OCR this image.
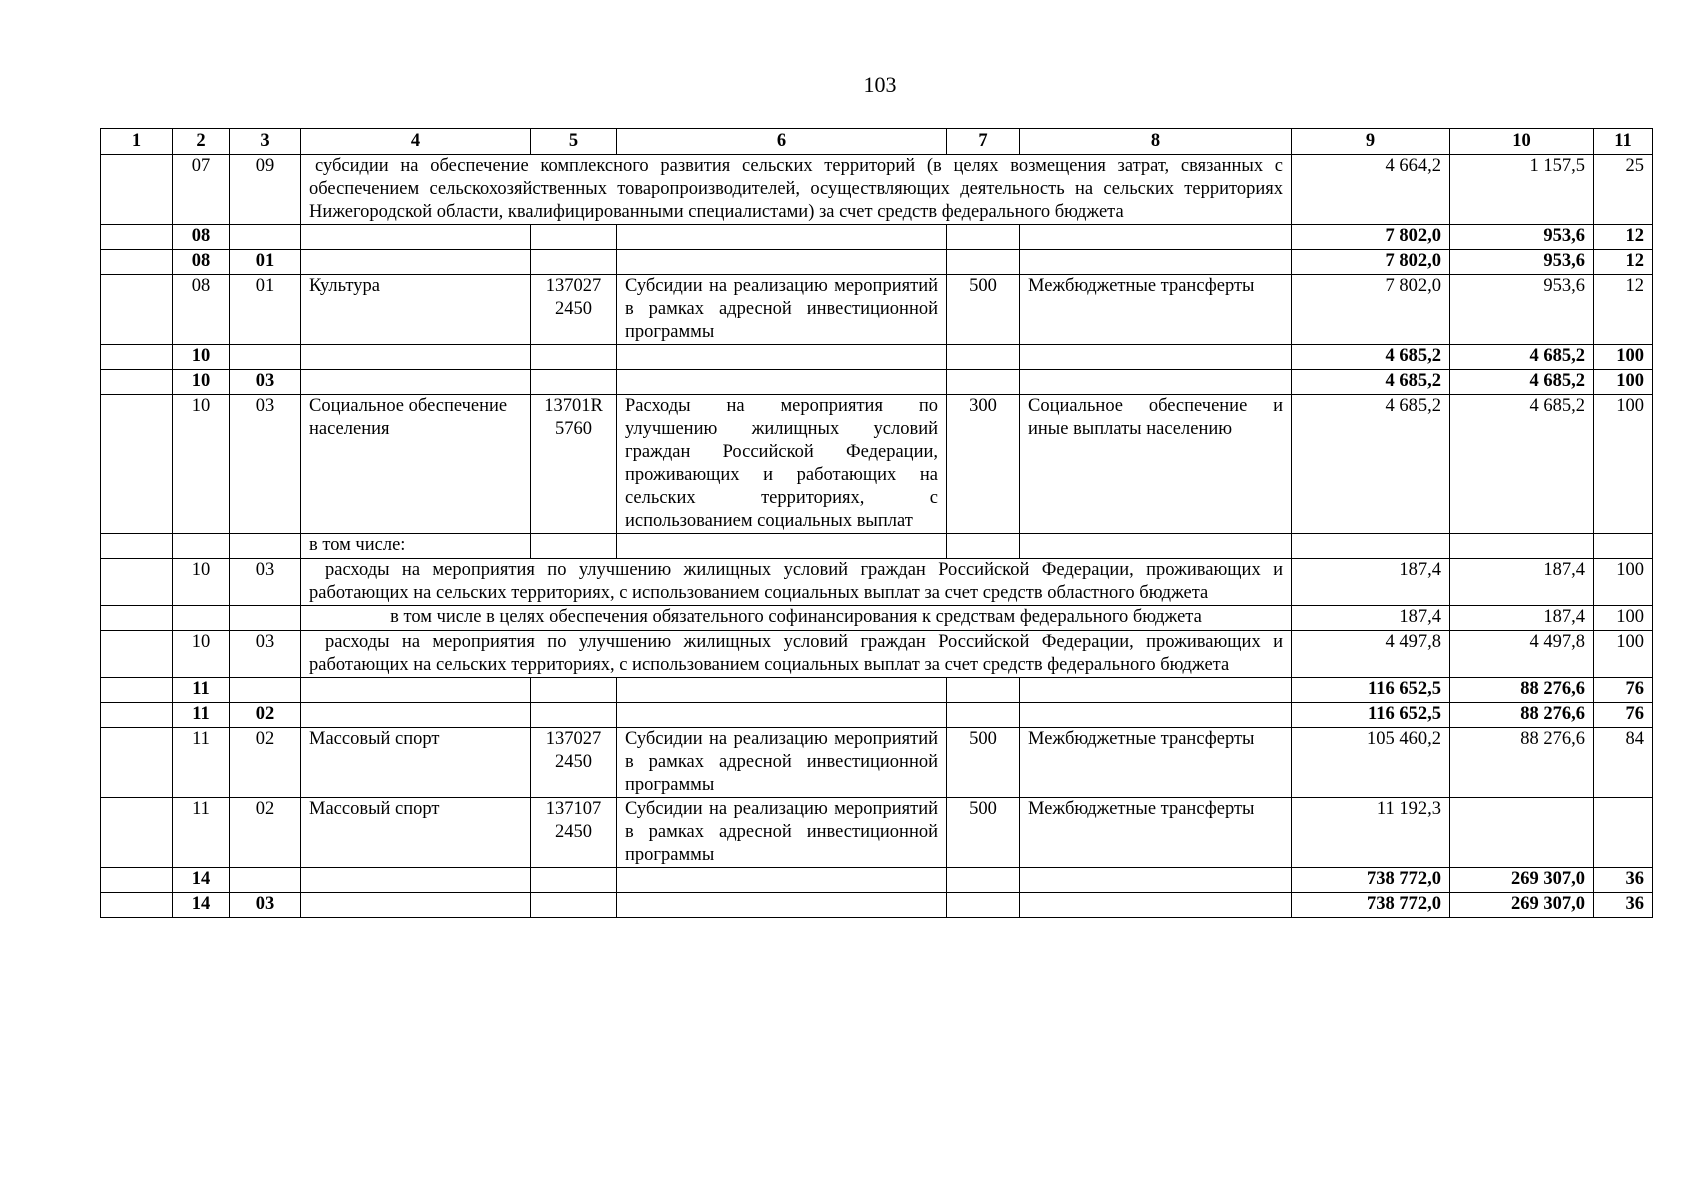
103
1	2	3	4	5	6	7	8	9	10	11
	07	09	субсидии на обеспечение комплексного развития сельских территорий (в целях возмещения затрат, связанных с обеспечением сельскохозяйственных товаропроизводителей, осуществляющих деятельность на сельских территориях Нижегородской области, квалифицированными специалистами) за счет средств федерального бюджета					4 664,2	1 157,5	25
	08							7 802,0	953,6	12
	08	01						7 802,0	953,6	12
	08	01	Культура	137027 2450	Субсидии на реализацию мероприятий в рамках адресной инвестиционной программы	500	Межбюджетные трансферты	7 802,0	953,6	12
	10							4 685,2	4 685,2	100
	10	03						4 685,2	4 685,2	100
	10	03	Социальное обеспечение населения	13701R 5760	Расходы на мероприятия по улучшению жилищных условий граждан Российской Федерации, проживающих и работающих на сельских территориях, с использованием социальных выплат	300	Социальное обеспечение и иные выплаты населению	4 685,2	4 685,2	100
			в том числе:							
	10	03	расходы на мероприятия по улучшению жилищных условий граждан Российской Федерации, проживающих и работающих на сельских территориях, с использованием социальных выплат за счет средств областного бюджета					187,4	187,4	100
			в том числе в целях обеспечения обязательного софинансирования к средствам федерального бюджета					187,4	187,4	100
	10	03	расходы на мероприятия по улучшению жилищных условий граждан Российской Федерации, проживающих и работающих на сельских территориях, с использованием социальных выплат за счет средств федерального бюджета					4 497,8	4 497,8	100
	11							116 652,5	88 276,6	76
	11	02						116 652,5	88 276,6	76
	11	02	Массовый спорт	137027 2450	Субсидии на реализацию мероприятий в рамках адресной инвестиционной программы	500	Межбюджетные трансферты	105 460,2	88 276,6	84
	11	02	Массовый спорт	137107 2450	Субсидии на реализацию мероприятий в рамках адресной инвестиционной программы	500	Межбюджетные трансферты	11 192,3		
	14							738 772,0	269 307,0	36
	14	03						738 772,0	269 307,0	36
